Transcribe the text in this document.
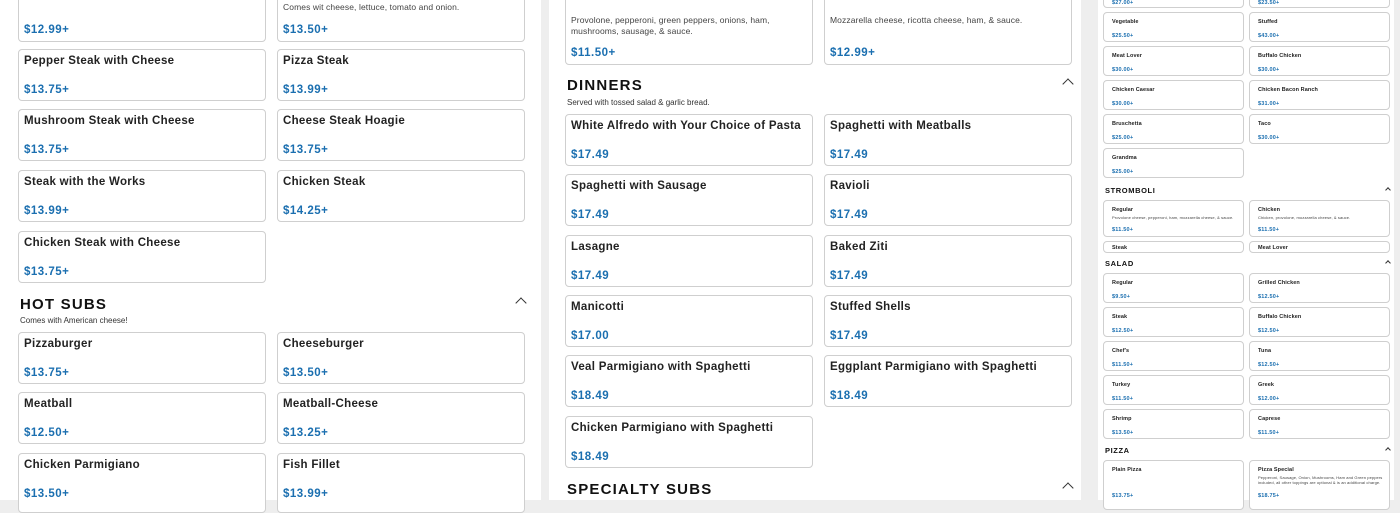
$12.99+
Comes wit cheese, lettuce, tomato and onion.
$13.50+
Pepper Steak with Cheese
$13.75+
Pizza Steak
$13.99+
Mushroom Steak with Cheese
$13.75+
Cheese Steak Hoagie
$13.75+
Steak with the Works
$13.99+
Chicken Steak
$14.25+
Chicken Steak with Cheese
$13.75+
HOT SUBS
Comes with American cheese!
Pizzaburger
$13.75+
Cheeseburger
$13.50+
Meatball
$12.50+
Meatball-Cheese
$13.25+
Chicken Parmigiano
$13.50+
Fish Fillet
$13.99+
Provolone, pepperoni, green peppers, onions, ham, mushrooms, sausage, & sauce.
$11.50+
Mozzarella cheese, ricotta cheese, ham, & sauce.
$12.99+
DINNERS
Served with tossed salad & garlic bread.
White Alfredo with Your Choice of Pasta
$17.49
Spaghetti with Meatballs
$17.49
Spaghetti with Sausage
$17.49
Ravioli
$17.49
Lasagne
$17.49
Baked Ziti
$17.49
Manicotti
$17.00
Stuffed Shells
$17.49
Veal Parmigiano with Spaghetti
$18.49
Eggplant Parmigiano with Spaghetti
$18.49
Chicken Parmigiano with Spaghetti
$18.49
SPECIALTY SUBS
$27.00+	$23.50+
Vegetable
$25.50+
Stuffed
$43.00+
Meat Lover
$30.00+
Buffalo Chicken
$30.00+
Chicken Caesar
$30.00+
Chicken Bacon Ranch
$31.00+
Bruschetta
$25.00+
Taco
$30.00+
Grandma
$25.00+
STROMBOLI
Regular
Provolone cheese, pepperoni, ham, mozzarella cheese, & sauce.
$11.50+
Chicken
Chicken, provolone, mozzarella cheese, & sauce.
$11.50+
Steak	Meat Lover
SALAD
Regular
$9.50+
Grilled Chicken
$12.50+
Steak
$12.50+
Buffalo Chicken
$12.50+
Chef's
$11.50+
Tuna
$12.50+
Turkey
$11.50+
Greek
$12.00+
Shrimp
$13.50+
Caprese
$11.50+
PIZZA
Plain Pizza
$13.75+
Pizza Special
Pepperoni, Sausage, Onion, Mushrooms, Ham and Green peppers included, all other toppings are optional & is an additional charge.
$18.75+
